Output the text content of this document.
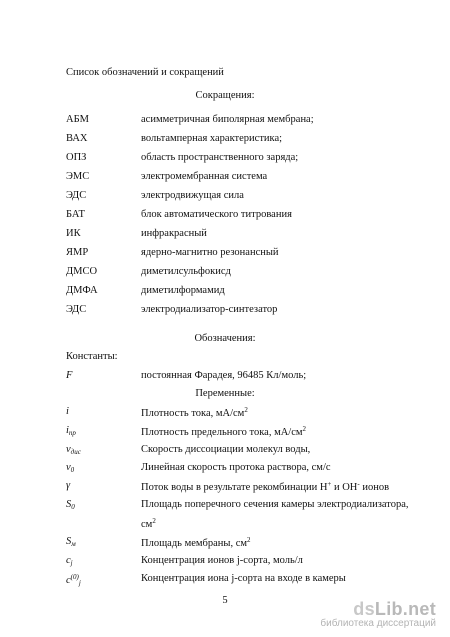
Список обозначений и сокращений
Сокращения:
АБМ	асимметричная биполярная мембрана;
ВАХ	вольтамперная характеристика;
ОПЗ	область пространственного заряда;
ЭМС	электромембранная система
ЭДС	электродвижущая сила
БАТ	блок автоматического титрования
ИК	инфракрасный
ЯМР	ядерно-магнитно резонансный
ДМСО	диметилсульфокисд
ДМФА	диметилформамид
ЭДС	электродиализатор-синтезатор
Обозначения:
Константы:
F	постоянная Фарадея, 96485 Кл/моль;
Переменные:
i	Плотность тока, $мА/см^2$
$i_{пр}$	Плотность предельного тока, $мА/см^2$
$v_{дис}$	Скорость диссоциации молекул воды,
$v_0$	Линейная скорость протока раствора, см/с
γ	Поток воды в результате рекомбинации H+ и OH- ионов
$S_0$	Площадь поперечного сечения камеры электродиализатора,
$см^2$
$S_м$	Площадь мембраны, $см^2$
$c_j$	Концентрация ионов j-сорта, моль/л
$c^{(0)}_j$	Концентрация иона j-сорта на входе в камеры
5	dsLib.net
библиотека диссертаций
